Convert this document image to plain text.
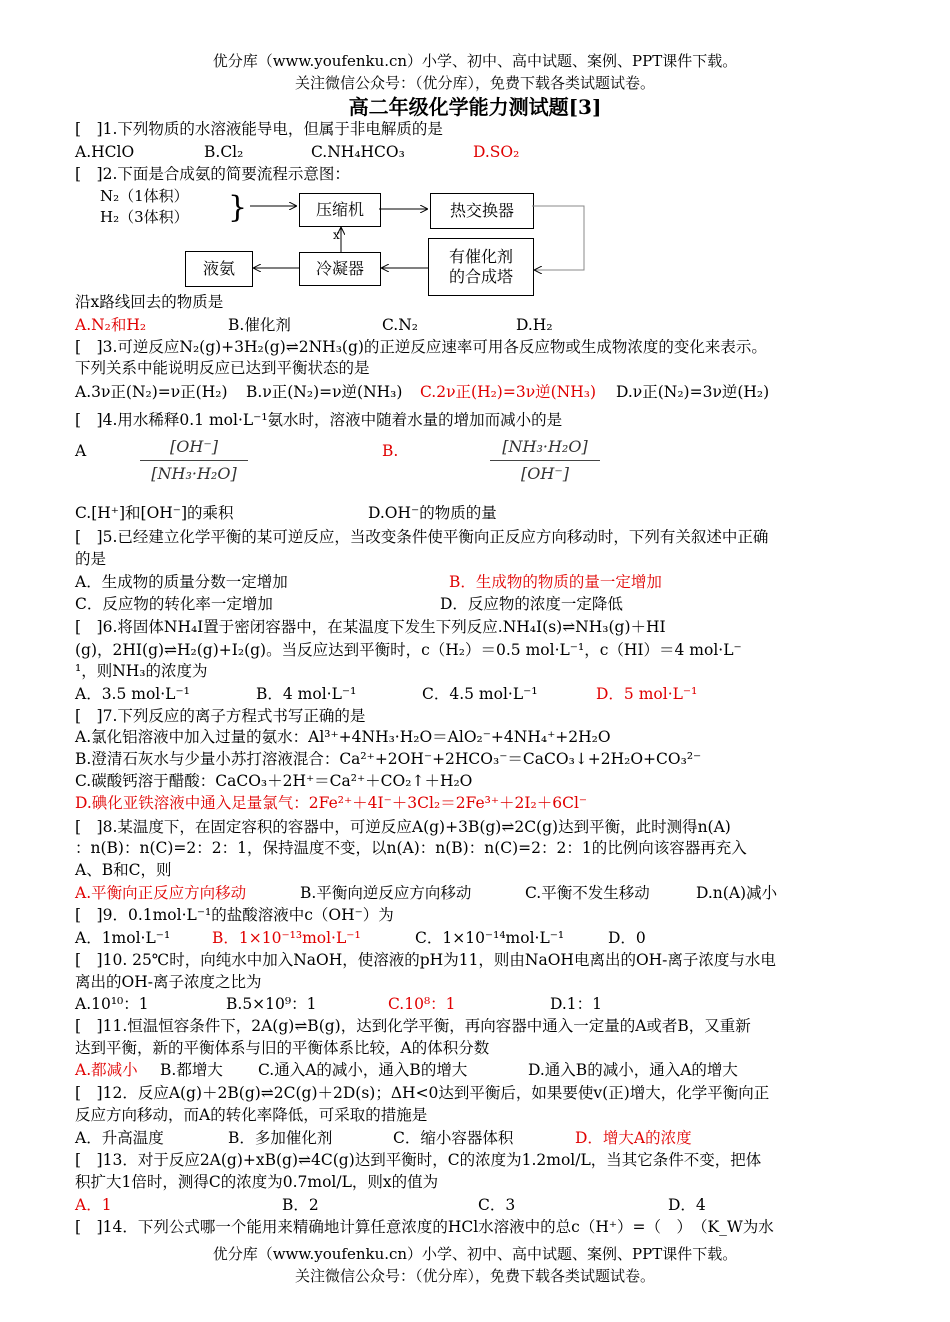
优分库（www.youfenku.cn）小学、初中、高中试题、案例、PPT课件下载。
关注微信公众号：（优分库），免费下载各类试题试卷。
高二年级化学能力测试题[3]
[　]1.下列物质的水溶液能导电，但属于非电解质的是
A.HClO	B.Cl₂	C.NH₄HCO₃	D.SO₂
[　]2.下面是合成氨的简要流程示意图：
N₂（1体积）
H₂（3体积） }	压缩机	热交换器
有催化剂
的合成塔
冷凝器
液氨
x
沿x路线回去的物质是
A.N₂和H₂	B.催化剂	C.N₂	D.H₂
[　]3.可逆反应N₂(g)+3H₂(g)⇌2NH₃(g)的正逆反应速率可用各反应物或生成物浓度的变化来表示。
下列关系中能说明反应已达到平衡状态的是
A.3ν正(N₂)=ν正(H₂) B.ν正(N₂)=ν逆(NH₃) C.2ν正(H₂)=3ν逆(NH₃) D.ν正(N₂)=3ν逆(H₂)
[　]4.用水稀释0.1 mol·L⁻¹氨水时，溶液中随着水量的增加而减小的是
A	[OH⁻]
[NH₃·H₂O]
B.	[NH₃·H₂O]
[OH⁻]
C.[H⁺]和[OH⁻]的乘积	D.OH⁻的物质的量
[　]5.已经建立化学平衡的某可逆反应，当改变条件使平衡向正反应方向移动时，下列有关叙述中正确
的是
A．生成物的质量分数一定增加	B．生成物的物质的量一定增加
C．反应物的转化率一定增加	D．反应物的浓度一定降低
[　]6.将固体NH₄Ⅰ置于密闭容器中，在某温度下发生下列反应.NH₄Ⅰ(s)⇌NH₃(g)＋HⅠ
(g)，2HI(g)⇌H₂(g)+I₂(g)。当反应达到平衡时，c（H₂）＝0.5 mol·L⁻¹，c（HⅠ）＝4 mol·L⁻
¹，则NH₃的浓度为
A．3.5 mol·L⁻¹	B．4 mol·L⁻¹	C．4.5 mol·L⁻¹	D．5 mol·L⁻¹
[　]7.下列反应的离子方程式书写正确的是
A.氯化铝溶液中加入过量的氨水：Al³⁺+4NH₃·H₂O＝AlO₂⁻+4NH₄⁺+2H₂O
B.澄清石灰水与少量小苏打溶液混合：Ca²⁺+2OH⁻+2HCO₃⁻＝CaCO₃↓+2H₂O+CO₃²⁻
C.碳酸钙溶于醋酸：CaCO₃＋2H⁺＝Ca²⁺＋CO₂↑＋H₂O
D.碘化亚铁溶液中通入足量氯气：2Fe²⁺＋4I⁻＋3Cl₂＝2Fe³⁺＋2I₂＋6Cl⁻
[　]8.某温度下，在固定容积的容器中，可逆反应A(g)+3B(g)⇌2C(g)达到平衡，此时测得n(A)
：n(B)：n(C)=2：2：1，保持温度不变，以n(A)：n(B)：n(C)=2：2：1的比例向该容器再充入
A、B和C，则
A.平衡向正反应方向移动	B.平衡向逆反应方向移动	C.平衡不发生移动	D.n(A)减小
[　]9．0.1mol·L⁻¹的盐酸溶液中c（OH⁻）为
A．1mol·L⁻¹	B．1×10⁻¹³mol·L⁻¹	C．1×10⁻¹⁴mol·L⁻¹	D．0
[　]10. 25℃时，向纯水中加入NaOH，使溶液的pH为11，则由NaOH电离出的OH-离子浓度与水电
离出的OH-离子浓度之比为
A.10¹⁰：1	B.5×10⁹：1	C.10⁸：1	D.1：1
[　]11.恒温恒容条件下，2A(g)⇌B(g)，达到化学平衡，再向容器中通入一定量的A或者B，又重新
达到平衡，新的平衡体系与旧的平衡体系比较，A的体积分数
A.都减小 B.都增大 C.通入A的减小，通入B的增大	D.通入B的减小，通入A的增大
[　]12．反应A(g)＋2B(g)⇌2C(g)＋2D(s)；ΔH<0达到平衡后，如果要使v(正)增大，化学平衡向正
反应方向移动，而A的转化率降低，可采取的措施是
A．升高温度	B．多加催化剂	C．缩小容器体积	D．增大A的浓度
[　]13．对于反应2A(g)+xB(g)⇌4C(g)达到平衡时，C的浓度为1.2mol/L，当其它条件不变，把体
积扩大1倍时，测得C的浓度为0.7mol/L，则x的值为
A．1	B．2	C．3	D．4
[　]14．下列公式哪一个能用来精确地计算任意浓度的HCl水溶液中的总c（H⁺）=（　）　（K_W为水
优分库（www.youfenku.cn）小学、初中、高中试题、案例、PPT课件下载。
关注微信公众号：（优分库），免费下载各类试题试卷。
